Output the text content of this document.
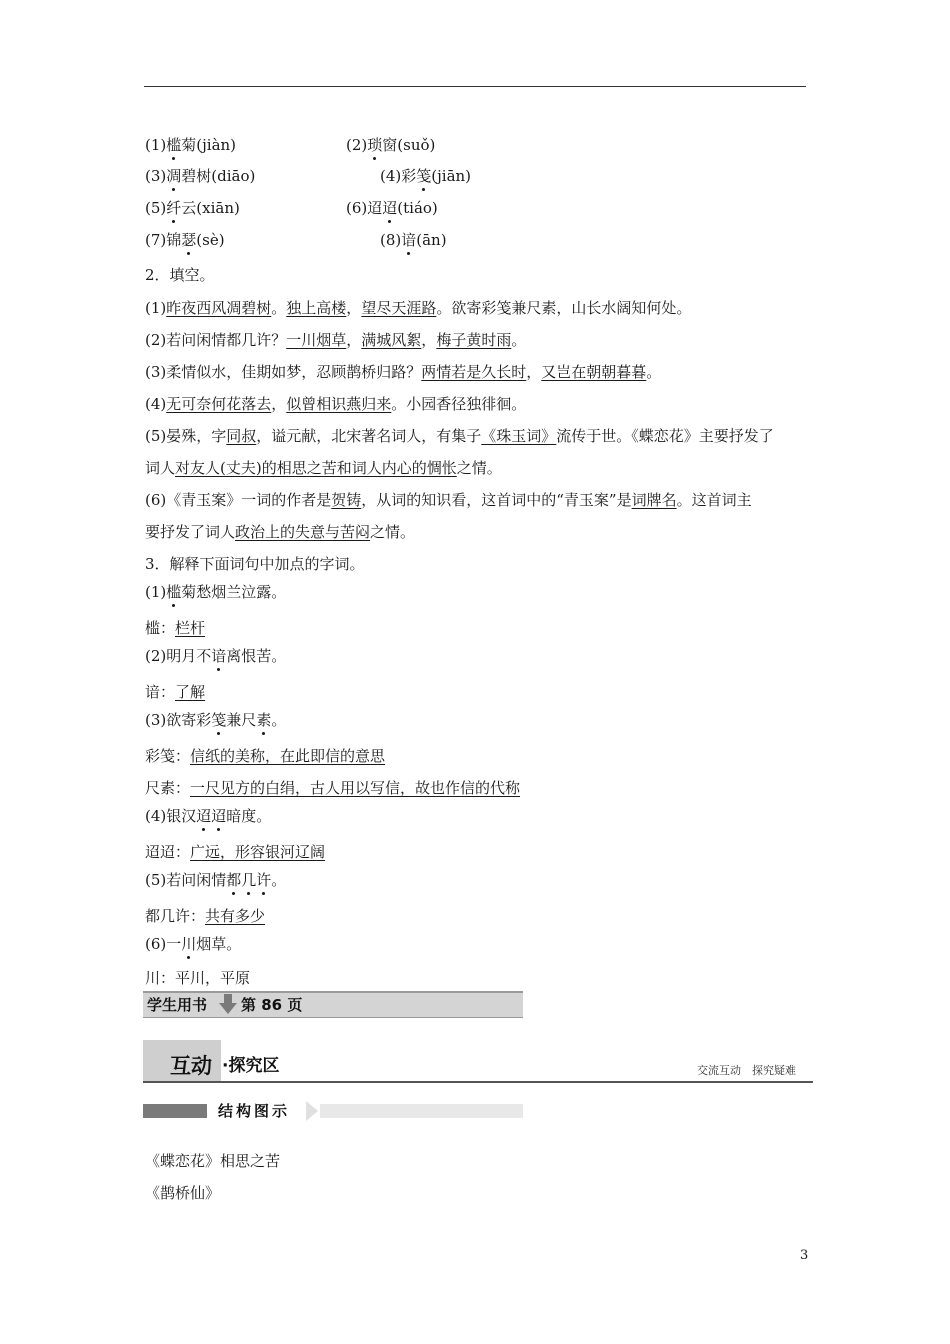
(1)槛菊(jiàn)	(2)琐窗(suǒ)
(3)凋碧树(diāo)	(4)彩笺(jiān)
(5)纤云(xiān)	(6)迢迢(tiáo)
(7)锦瑟(sè)	(8)谙(ān)
2．填空。
(1)昨夜西风凋碧树。独上高楼，望尽天涯路。欲寄彩笺兼尺素，山长水阔知何处。
(2)若问闲情都几许？一川烟草，满城风絮，梅子黄时雨。
(3)柔情似水，佳期如梦，忍顾鹊桥归路？两情若是久长时，又岂在朝朝暮暮。
(4)无可奈何花落去，似曾相识燕归来。小园香径独徘徊。
(5)晏殊，字同叔，谥元献，北宋著名词人，有集子《珠玉词》流传于世。《蝶恋花》主要抒发了
词人对友人(丈夫)的相思之苦和词人内心的惆怅之情。
(6)《青玉案》一词的作者是贺铸，从词的知识看，这首词中的“青玉案”是词牌名。这首词主
要抒发了词人政治上的失意与苦闷之情。
3．解释下面词句中加点的字词。
(1)槛菊愁烟兰泣露。
槛：栏杆
(2)明月不谙离恨苦。
谙：了解
(3)欲寄彩笺兼尺素。
彩笺：信纸的美称，在此即信的意思
尺素：一尺见方的白绢，古人用以写信，故也作信的代称
(4)银汉迢迢暗度。
迢迢：广远，形容银河辽阔
(5)若问闲情都几许。
都几许：共有多少
(6)一川烟草。
川：平川，平原
学生用书 第 86 页
互动 ·探究区	交流互动　探究疑难
结构图示
《蝶恋花》相思之苦
《鹊桥仙》
3
